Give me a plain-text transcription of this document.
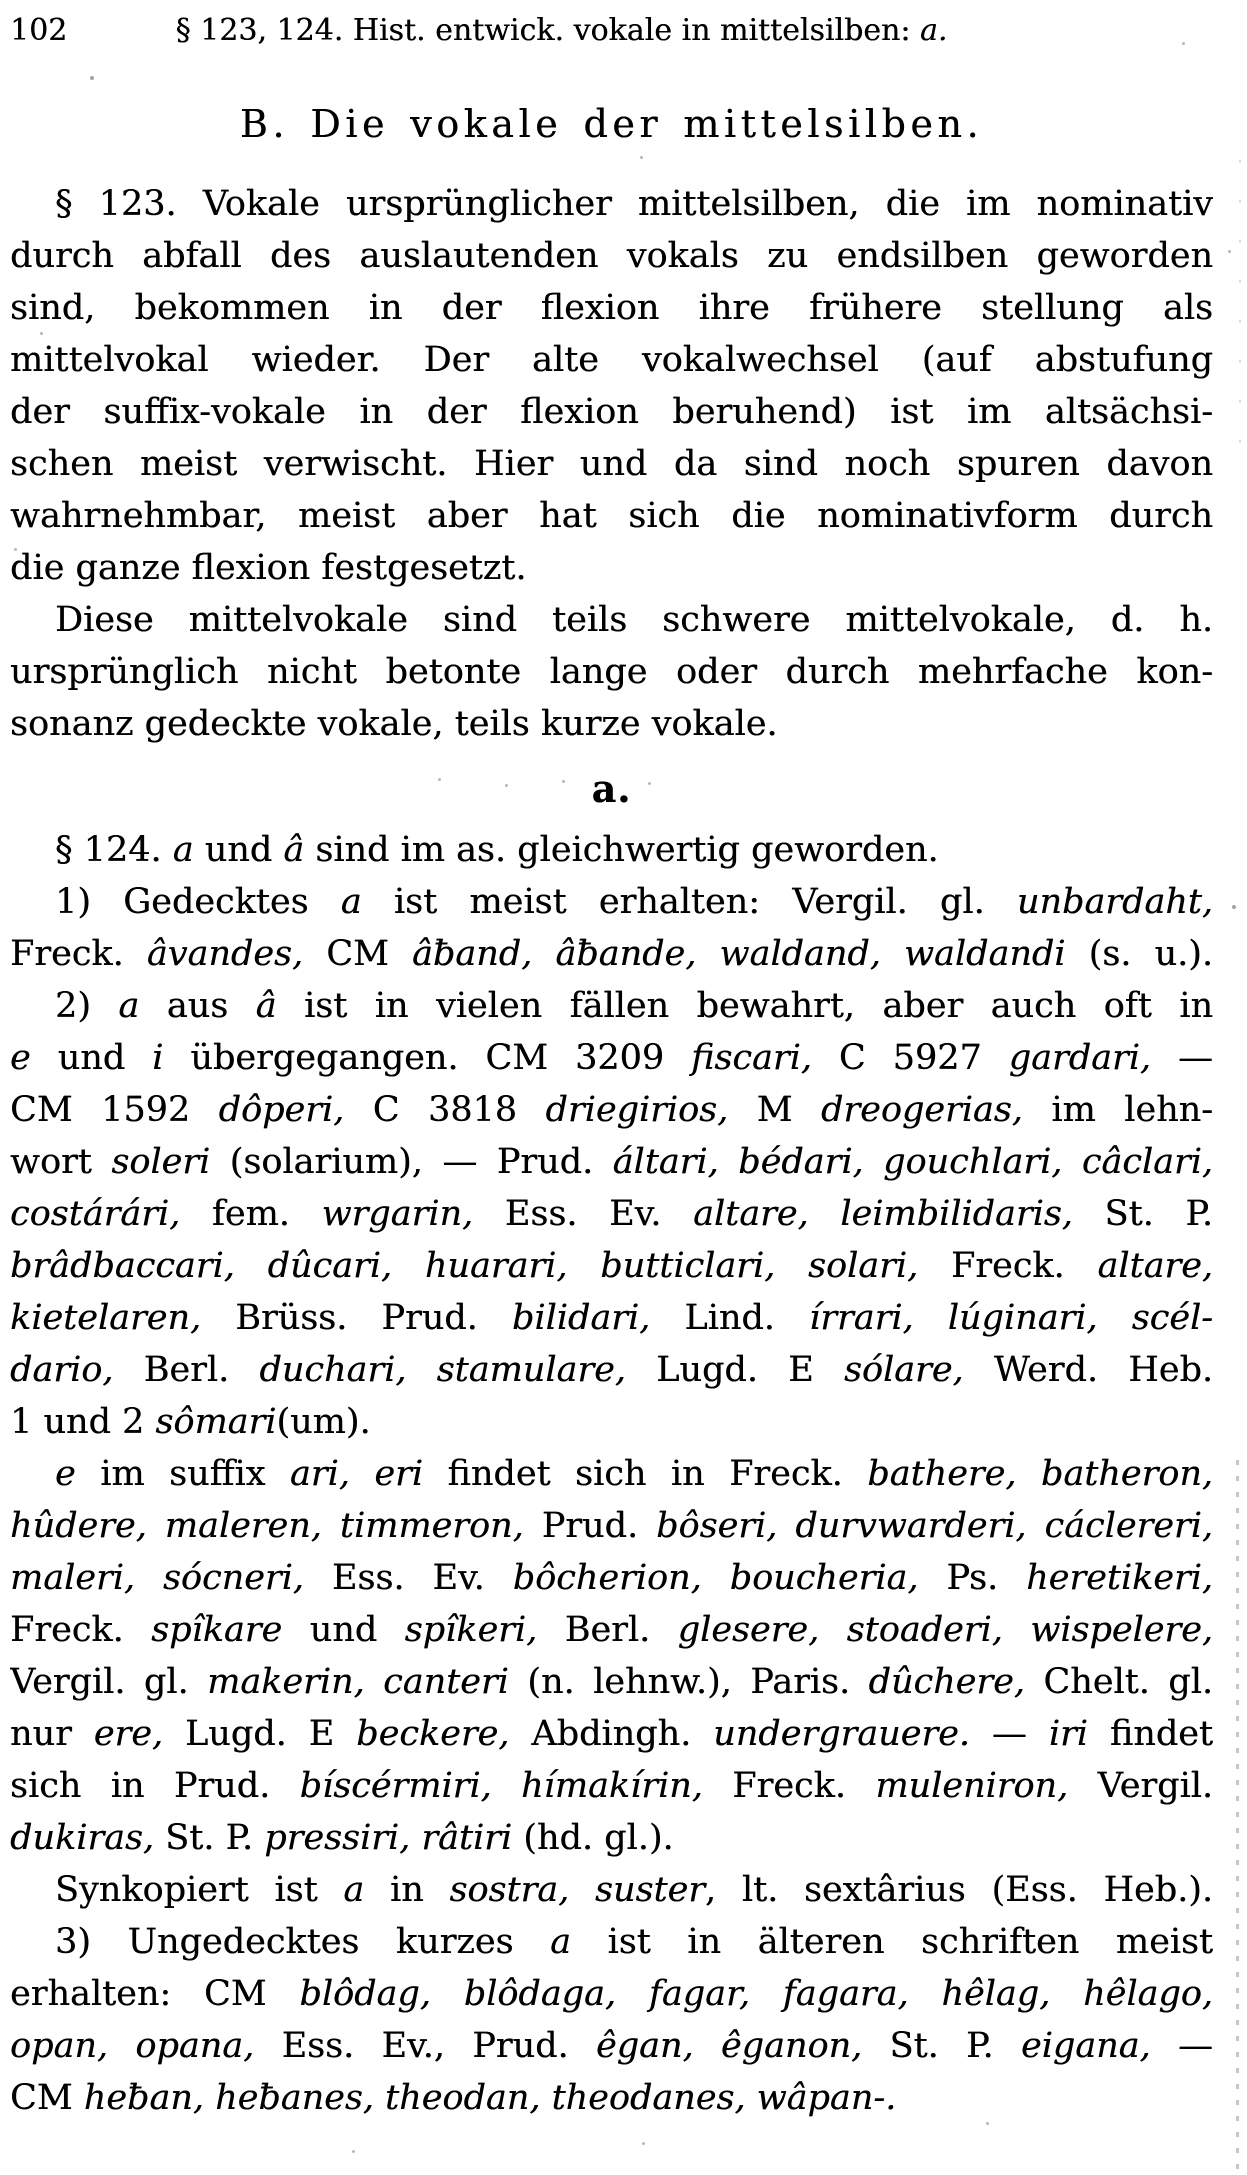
102	§ 123, 124. Hist. entwick. vokale in mittelsilben: a.
B. Die vokale der mittelsilben.
§ 123. Vokale ursprünglicher mittelsilben, die im nominativ
durch abfall des auslautenden vokals zu endsilben geworden
sind, bekommen in der flexion ihre frühere stellung als
mittelvokal wieder. Der alte vokalwechsel (auf abstufung
der suffix-vokale in der flexion beruhend) ist im altsächsi-
schen meist verwischt. Hier und da sind noch spuren davon
wahrnehmbar, meist aber hat sich die nominativform durch
die ganze flexion festgesetzt.
Diese mittelvokale sind teils schwere mittelvokale, d. h.
ursprünglich nicht betonte lange oder durch mehrfache kon-
sonanz gedeckte vokale, teils kurze vokale.
a.
§ 124. a und â sind im as. gleichwertig geworden.
1) Gedecktes a ist meist erhalten: Vergil. gl. unbardaht,
Freck. âvandes, CM âƀand, âƀande, waldand, waldandi (s. u.).
2) a aus â ist in vielen fällen bewahrt, aber auch oft in
e und i übergegangen. CM 3209 fiscari, C 5927 gardari, —
CM 1592 dôperi, C 3818 driegirios, M dreogerias, im lehn-
wort soleri (solarium), — Prud. áltari, bédari, gouchlari, câclari,
costárári, fem. wrgarin, Ess. Ev. altare, leimbilidaris, St. P.
brâdbaccari, dûcari, huarari, butticlari, solari, Freck. altare,
kietelaren, Brüss. Prud. bilidari, Lind. írrari, lúginari, scél-
dario, Berl. duchari, stamulare, Lugd. E sólare, Werd. Heb.
1 und 2 sômari(um).
e im suffix ari, eri findet sich in Freck. bathere, batheron,
hûdere, maleren, timmeron, Prud. bôseri, durvwarderi, cáclereri,
maleri, sócneri, Ess. Ev. bôcherion, boucheria, Ps. heretikeri,
Freck. spîkare und spîkeri, Berl. glesere, stoaderi, wispelere,
Vergil. gl. makerin, canteri (n. lehnw.), Paris. dûchere, Chelt. gl.
nur ere, Lugd. E beckere, Abdingh. undergrauere. — iri findet
sich in Prud. bíscérmiri, hímakírin, Freck. muleniron, Vergil.
dukiras, St. P. pressiri, râtiri (hd. gl.).
Synkopiert ist a in sostra, suster, lt. sextârius (Ess. Heb.).
3) Ungedecktes kurzes a ist in älteren schriften meist
erhalten: CM blôdag, blôdaga, fagar, fagara, hêlag, hêlago,
opan, opana, Ess. Ev., Prud. êgan, êganon, St. P. eigana, —
CM heƀan, heƀanes, theodan, theodanes, wâpan-.
